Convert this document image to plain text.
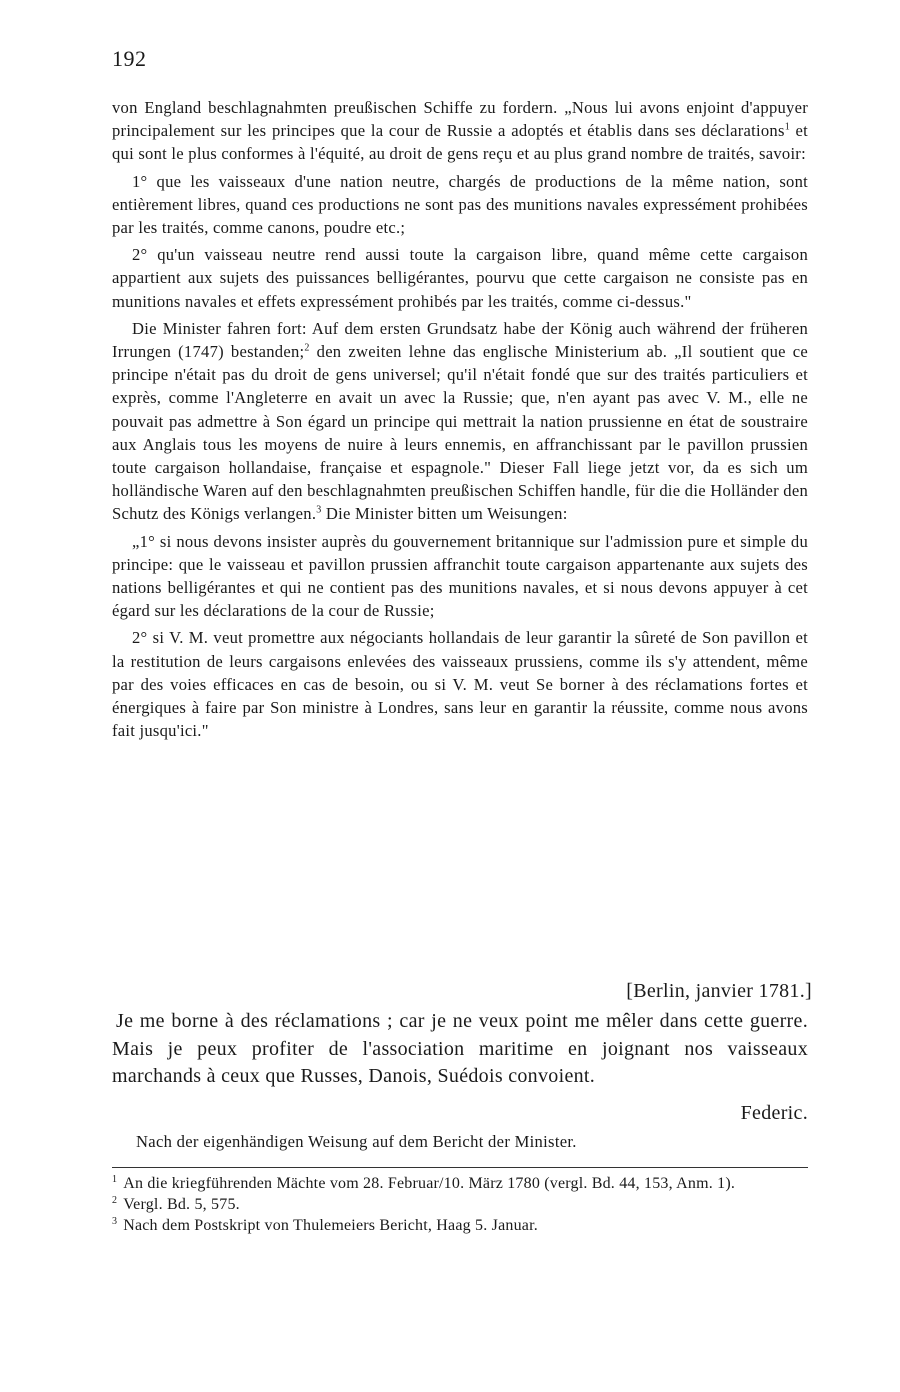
192

von England beschlagnahmten preußischen Schiffe zu fordern. „Nous lui avons enjoint d'appuyer principalement sur les principes que la cour de Russie a adoptés et établis dans ses déclarations$^1$ et qui sont le plus conformes à l'équité, au droit de gens reçu et au plus grand nombre de traités, savoir:

1° que les vaisseaux d'une nation neutre, chargés de productions de la même nation, sont entièrement libres, quand ces productions ne sont pas des munitions navales expressément prohibées par les traités, comme canons, poudre etc.;

2° qu'un vaisseau neutre rend aussi toute la cargaison libre, quand même cette cargaison appartient aux sujets des puissances belligérantes, pourvu que cette cargaison ne consiste pas en munitions navales et effets expressément prohibés par les traités, comme ci-dessus."

Die Minister fahren fort: Auf dem ersten Grundsatz habe der König auch während der früheren Irrungen (1747) bestanden;$^2$ den zweiten lehne das englische Ministerium ab. „Il soutient que ce principe n'était pas du droit de gens universel; qu'il n'était fondé que sur des traités particuliers et exprès, comme l'Angleterre en avait un avec la Russie; que, n'en ayant pas avec V. M., elle ne pouvait pas admettre à Son égard un principe qui mettrait la nation prussienne en état de soustraire aux Anglais tous les moyens de nuire à leurs ennemis, en affranchissant par le pavillon prussien toute cargaison hollandaise, française et espagnole." Dieser Fall liege jetzt vor, da es sich um holländische Waren auf den beschlagnahmten preußischen Schiffen handle, für die die Holländer den Schutz des Königs verlangen.$^3$ Die Minister bitten um Weisungen:

„1° si nous devons insister auprès du gouvernement britannique sur l'admission pure et simple du principe: que le vaisseau et pavillon prussien affranchit toute cargaison appartenante aux sujets des nations belligérantes et qui ne contient pas des munitions navales, et si nous devons appuyer à cet égard sur les déclarations de la cour de Russie;

2° si V. M. veut promettre aux négociants hollandais de leur garantir la sûreté de Son pavillon et la restitution de leurs cargaisons enlevées des vaisseaux prussiens, comme ils s'y attendent, même par des voies efficaces en cas de besoin, ou si V. M. veut Se borner à des réclamations fortes et énergiques à faire par Son ministre à Londres, sans leur en garantir la réussite, comme nous avons fait jusqu'ici."

[Berlin, janvier 1781.]

Je me borne à des réclamations ; car je ne veux point me mêler dans cette guerre. Mais je peux profiter de l'association maritime en joignant nos vaisseaux marchands à ceux que Russes, Danois, Suédois convoient.

Federic.
Nach der eigenhändigen Weisung auf dem Bericht der Minister.

$^1$ An die kriegführenden Mächte vom 28. Februar/10. März 1780 (vergl. Bd. 44, 153, Anm. 1).

$^2$ Vergl. Bd. 5, 575.

$^3$ Nach dem Postskript von Thulemeiers Bericht, Haag 5. Januar.
